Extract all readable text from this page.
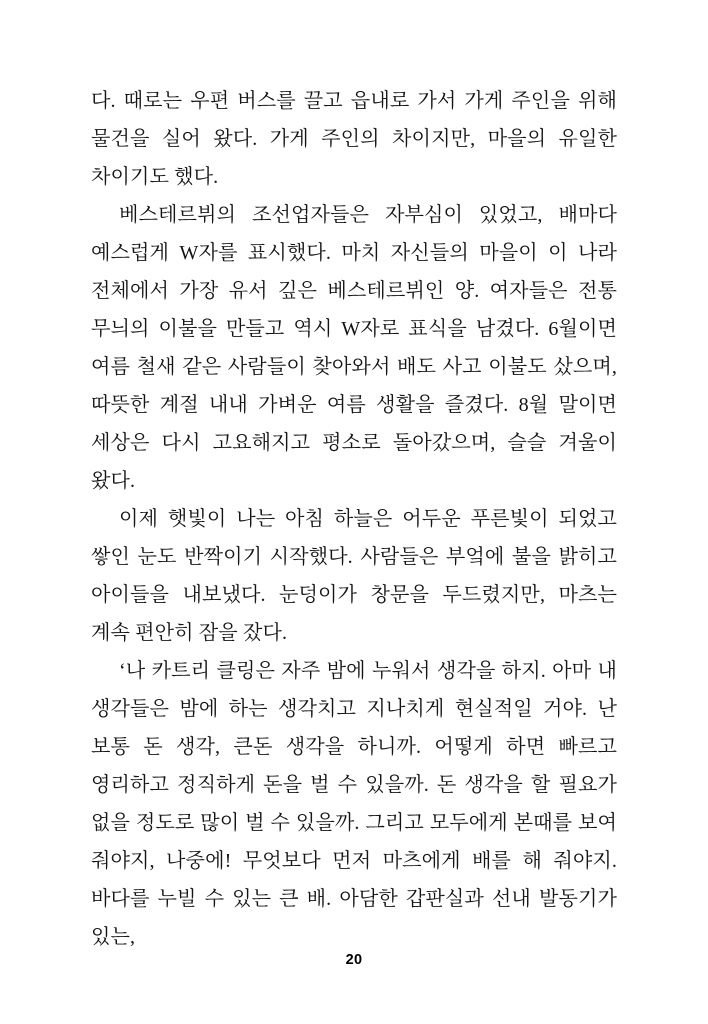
다. 때로는 우편 버스를 끌고 읍내로 가서 가게 주인을 위해 물건을 실어 왔다. 가게 주인의 차이지만, 마을의 유일한 차이기도 했다.

베스테르뷔의 조선업자들은 자부심이 있었고, 배마다 예스럽게 W자를 표시했다. 마치 자신들의 마을이 이 나라 전체에서 가장 유서 깊은 베스테르뷔인 양. 여자들은 전통 무늬의 이불을 만들고 역시 W자로 표식을 남겼다. 6월이면 여름 철새 같은 사람들이 찾아와서 배도 사고 이불도 샀으며, 따뜻한 계절 내내 가벼운 여름 생활을 즐겼다. 8월 말이면 세상은 다시 고요해지고 평소로 돌아갔으며, 슬슬 겨울이 왔다.

이제 햇빛이 나는 아침 하늘은 어두운 푸른빛이 되었고 쌓인 눈도 반짝이기 시작했다. 사람들은 부엌에 불을 밝히고 아이들을 내보냈다. 눈덩이가 창문을 두드렸지만, 마츠는 계속 편안히 잠을 잤다.

‘나 카트리 클링은 자주 밤에 누워서 생각을 하지. 아마 내 생각들은 밤에 하는 생각치고 지나치게 현실적일 거야. 난 보통 돈 생각, 큰돈 생각을 하니까. 어떻게 하면 빠르고 영리하고 정직하게 돈을 벌 수 있을까. 돈 생각을 할 필요가 없을 정도로 많이 벌 수 있을까. 그리고 모두에게 본때를 보여 줘야지, 나중에! 무엇보다 먼저 마츠에게 배를 해 줘야지. 바다를 누빌 수 있는 큰 배. 아담한 갑판실과 선내 발동기가 있는,

20
